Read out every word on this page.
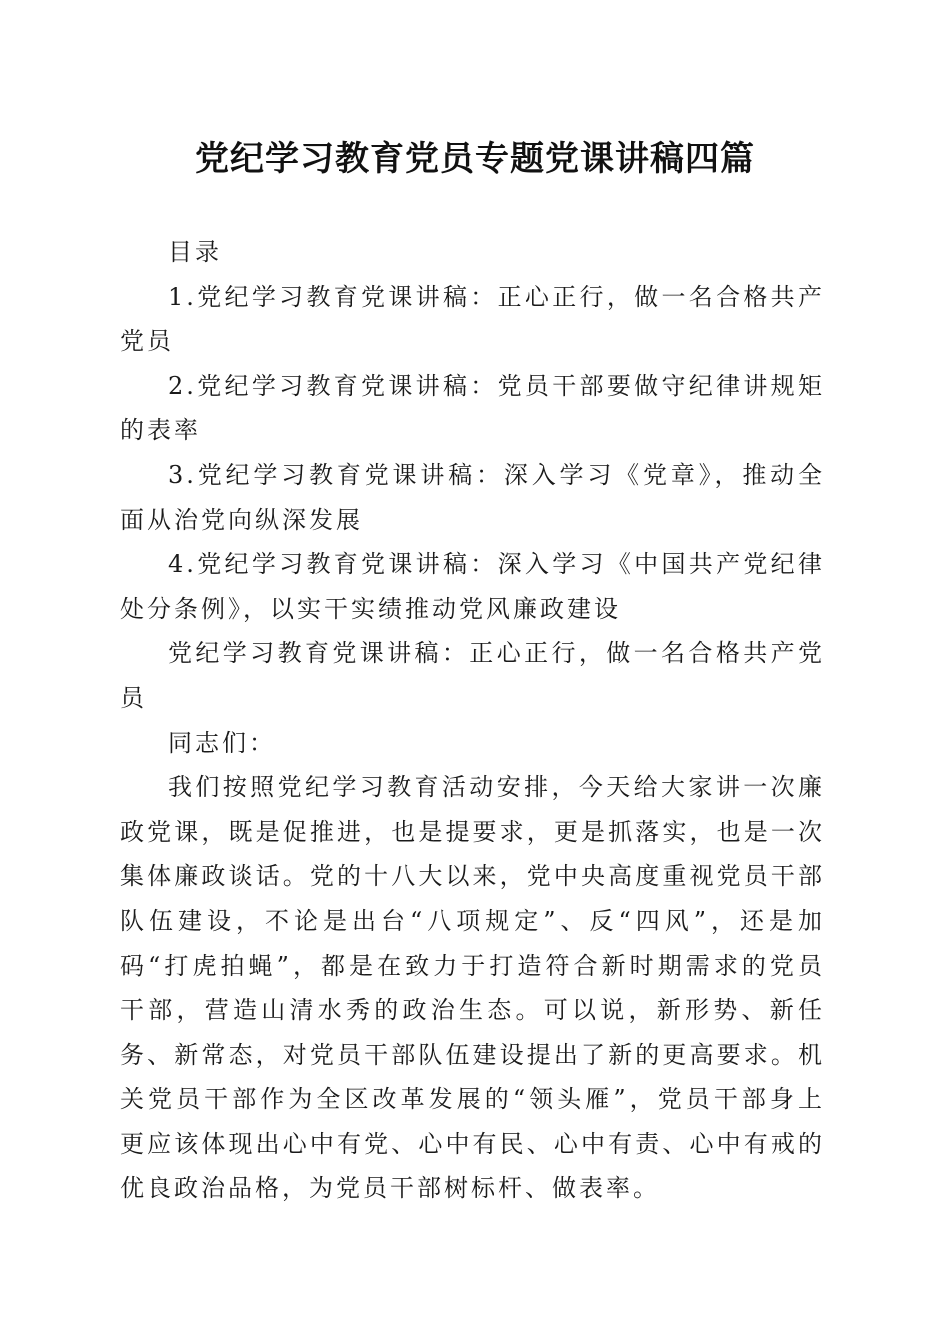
党纪学习教育党员专题党课讲稿四篇

目录

1.党纪学习教育党课讲稿：正心正行，做一名合格共产党员

2.党纪学习教育党课讲稿：党员干部要做守纪律讲规矩的表率

3.党纪学习教育党课讲稿：深入学习《党章》，推动全面从治党向纵深发展

4.党纪学习教育党课讲稿：深入学习《中国共产党纪律处分条例》，以实干实绩推动党风廉政建设

党纪学习教育党课讲稿：正心正行，做一名合格共产党员

同志们：

我们按照党纪学习教育活动安排，今天给大家讲一次廉政党课，既是促推进，也是提要求，更是抓落实，也是一次集体廉政谈话。党的十八大以来，党中央高度重视党员干部队伍建设，不论是出台“八项规定”、反“四风”，还是加码“打虎拍蝇”，都是在致力于打造符合新时期需求的党员干部，营造山清水秀的政治生态。可以说，新形势、新任务、新常态，对党员干部队伍建设提出了新的更高要求。机关党员干部作为全区改革发展的“领头雁”，党员干部身上更应该体现出心中有党、心中有民、心中有责、心中有戒的优良政治品格，为党员干部树标杆、做表率。
